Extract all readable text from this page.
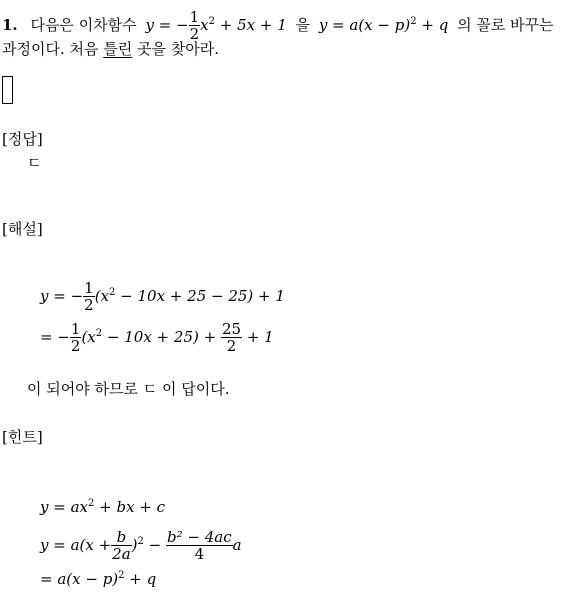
1. 다음은 이차함수 y = − $\frac{1}{2} x^2 + 5x + 1$ 을 $y = a(x - p)^2 + q$ 의 꼴로 바꾸는
과정이다. 처음 틀린 곳을 찾아라.
[정답]
ㄷ
[해설]
y = − $\frac{1}{2} (x^2 - 10x + 25 - 25) + 1$
= − $\frac{1}{2} (x^2 - 10x + 25) + \frac{25}{2} + 1$
이 되어야 하므로 ㄷ 이 답이다.
[힌트]
$y = ax^2$ + bx + c
$y = a(x + \frac{b}{2a} )^2 - \frac{\text{b² − 4ac}}{4}$ a
= $a(x - p)^2 + q$
